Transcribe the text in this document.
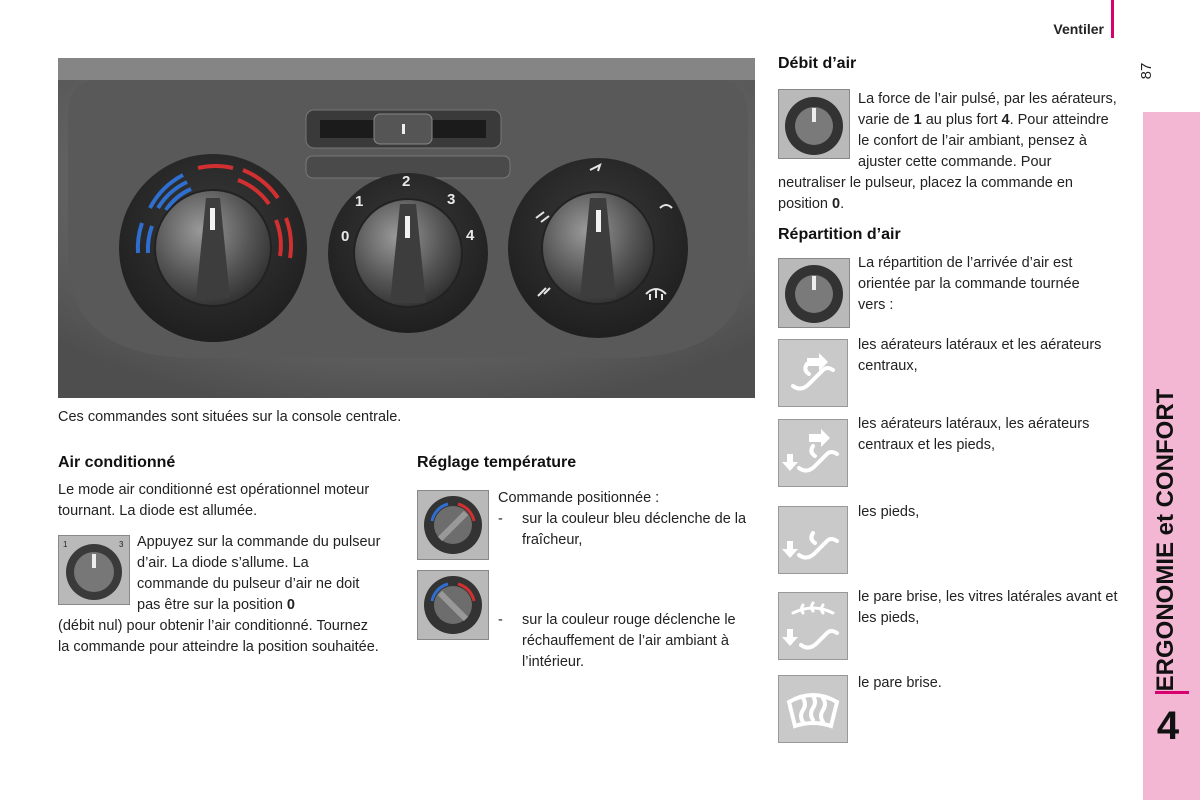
Ventiler
87
ERGONOMIE et CONFORT
4
0
1
2
3
4
Ces commandes sont situées sur la console centrale.
Air conditionné
Le mode air conditionné est opérationnel moteur tournant. La diode est allumée.
1	3 Appuyez sur la commande du pulseur d’air. La diode s’allume. La commande du pulseur d’air ne doit pas être sur la position 0
(débit nul) pour obtenir l’air conditionné. Tournez la commande pour atteindre la position souhaitée.
Réglage température
Commande positionnée :
- sur la couleur bleu déclenche de la fraîcheur,
- sur la couleur rouge déclenche le réchauffement de l’air ambiant à l’intérieur.
Débit d’air
La force de l’air pulsé, par les aérateurs, varie de 1 au plus fort 4. Pour atteindre le confort de l’air ambiant, pensez à ajuster cette commande. Pour neutraliser le pulseur, placez la commande en position 0.
Répartition d’air
La répartition de l’arrivée d’air est orientée par la commande tournée vers :
les aérateurs latéraux et les aérateurs centraux,
les aérateurs latéraux, les aérateurs centraux et les pieds,
les pieds,
le pare brise, les vitres latérales avant et les pieds,
le pare brise.
